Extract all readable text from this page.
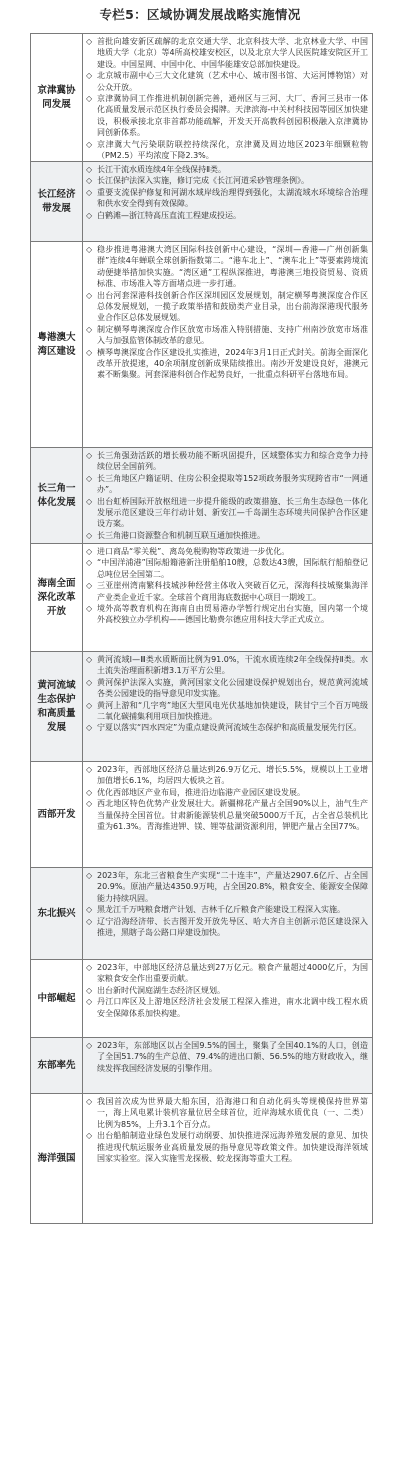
专栏5：区域协调发展战略实施情况
京津冀协同发展
◇ 首批向雄安新区疏解的北京交通大学、北京科技大学、北京林业大学、中国地质大学（北京）等4所高校雄安校区，以及北京大学人民医院雄安院区开工建设。中国星网、中国中化、中国华能雄安总部加快建设。
◇ 北京城市副中心三大文化建筑（艺术中心、城市图书馆、大运河博物馆）对公众开放。
◇ 京津冀协同工作推进机制创新完善，通州区与三河、大厂、香河三县市一体化高质量发展示范区执行委员会揭牌。天津滨海-中关村科技园等园区加快建设，积极承接北京非首都功能疏解，开发天开高教科创园积极融入京津冀协同创新体系。
◇ 京津冀大气污染联防联控持续深化，京津冀及周边地区2023年细颗粒物（PM2.5）平均浓度下降2.3%。
长江经济带发展
◇ 长江干流水质连续4年全线保持Ⅱ类。
◇ 长江保护法深入实施，修订完成《长江河道采砂管理条例》。
◇ 重要支流保护修复和河湖水域岸线治理得到强化，太湖流域水环境综合治理和供水安全得到有效保障。
◇ 白鹤滩—浙江特高压直流工程建成投运。
粤港澳大湾区建设
◇ 稳步推进粤港澳大湾区国际科技创新中心建设，“深圳—香港—广州创新集群”连续4年蝉联全球创新指数第二。“港车北上”、“澳车北上”等要素跨境流动便捷举措加快实施。“湾区通”工程纵深推进，粤港澳三地投资贸易、资质标准、市场准入等方面堵点进一步打通。
◇ 出台河套深港科技创新合作区深圳园区发展规划，制定横琴粤澳深度合作区总体发展规划，一揽子政策举措和鼓励类产业目录，出台前海深港现代服务业合作区总体发展规划。
◇ 制定横琴粤澳深度合作区放宽市场准入特别措施、支持广州南沙放宽市场准入与加强监管体制改革的意见。
◇ 横琴粤澳深度合作区建设扎实推进，2024年3月1日正式封关。前海全面深化改革开放提速，40余项制度创新成果陆续推出。南沙开发建设良好，港澳元素不断集聚。河套深港科创合作起势良好，一批重点科研平台落地布局。
长三角一体化发展
◇ 长三角强劲活跃的增长极功能不断巩固提升，区域整体实力和综合竞争力持续位居全国前列。
◇ 长三角地区户籍证明、住房公积金提取等152项政务服务实现跨省市“一网通办”。
◇ 出台虹桥国际开放枢纽进一步提升能级的政策措施、长三角生态绿色一体化发展示范区建设三年行动计划、新安江—千岛湖生态环境共同保护合作区建设方案。
◇ 长三角港口资源整合和机制互联互通加快推进。
海南全面深化改革开放
◇ 进口商品“零关税”、离岛免税购物等政策进一步优化。
◇ “中国洋浦港”国际船籍港新注册船舶10艘，总数达43艘，国际航行船舶登记总吨位居全国第二。
◇ 三亚崖州湾南繁科技城涉种经营主体收入突破百亿元，深海科技城聚集海洋产业类企业近千家。全球首个商用海底数据中心项目一期竣工。
◇ 境外高等教育机构在海南自由贸易港办学暂行规定出台实施，国内第一个境外高校独立办学机构——德国比勒费尔德应用科技大学正式成立。
黄河流域生态保护和高质量发展
◇ 黄河流域Ⅰ—Ⅲ类水质断面比例为91.0%，干流水质连续2年全线保持Ⅱ类。水土流失治理面积新增3.1万平方公里。
◇ 黄河保护法深入实施，黄河国家文化公园建设保护规划出台，规范黄河流域各类公园建设的指导意见印发实施。
◇ 黄河上游和“几字弯”地区大型风电光伏基地加快建设，陕甘宁三个百万吨级二氧化碳捕集利用项目加快推进。
◇ 宁夏以落实“四水四定”为重点建设黄河流域生态保护和高质量发展先行区。
西部开发
◇ 2023年，西部地区经济总量达到26.9万亿元、增长5.5%，规模以上工业增加值增长6.1%，均居四大板块之首。
◇ 优化西部地区产业布局，推进沿边临港产业园区建设发展。
◇ 西北地区特色优势产业发展壮大。新疆棉花产量占全国90%以上，油气生产当量保持全国首位。甘肃新能源装机总量突破5000万千瓦，占全省总装机比重为61.3%。青海推进钾、镁、锂等盐湖资源利用，钾肥产量占全国77%。
东北振兴
◇ 2023年，东北三省粮食生产实现“二十连丰”，产量达2907.6亿斤、占全国20.9%。原油产量达4350.9万吨，占全国20.8%，粮食安全、能源安全保障能力持续巩固。
◇ 黑龙江千万吨粮食增产计划、吉林千亿斤粮食产能建设工程深入实施。
◇ 辽宁沿海经济带、长吉图开发开放先导区、哈大齐自主创新示范区建设深入推进，黑瞎子岛公路口岸建设加快。
中部崛起
◇ 2023年，中部地区经济总量达到27万亿元。粮食产量超过4000亿斤，为国家粮食安全作出重要贡献。
◇ 出台新时代洞庭湖生态经济区规划。
◇ 丹江口库区及上游地区经济社会发展工程深入推进，南水北调中线工程水质安全保障体系加快构建。
东部率先
◇ 2023年，东部地区以占全国9.5%的国土，聚集了全国40.1%的人口，创造了全国51.7%的生产总值、79.4%的进出口额、56.5%的地方财政收入，继续发挥我国经济发展的引擎作用。
海洋强国
◇ 我国首次成为世界最大船东国，沿海港口和自动化码头等规模保持世界第一，海上风电累计装机容量位居全球首位，近岸海域水质优良（一、二类）比例为85%，上升3.1个百分点。
◇ 出台船舶制造业绿色发展行动纲要、加快推进深远海养殖发展的意见、加快推进现代航运服务业高质量发展的指导意见等政策文件。加快建设海洋领域国家实验室。深入实施雪龙探极、蛟龙探海等重大工程。
